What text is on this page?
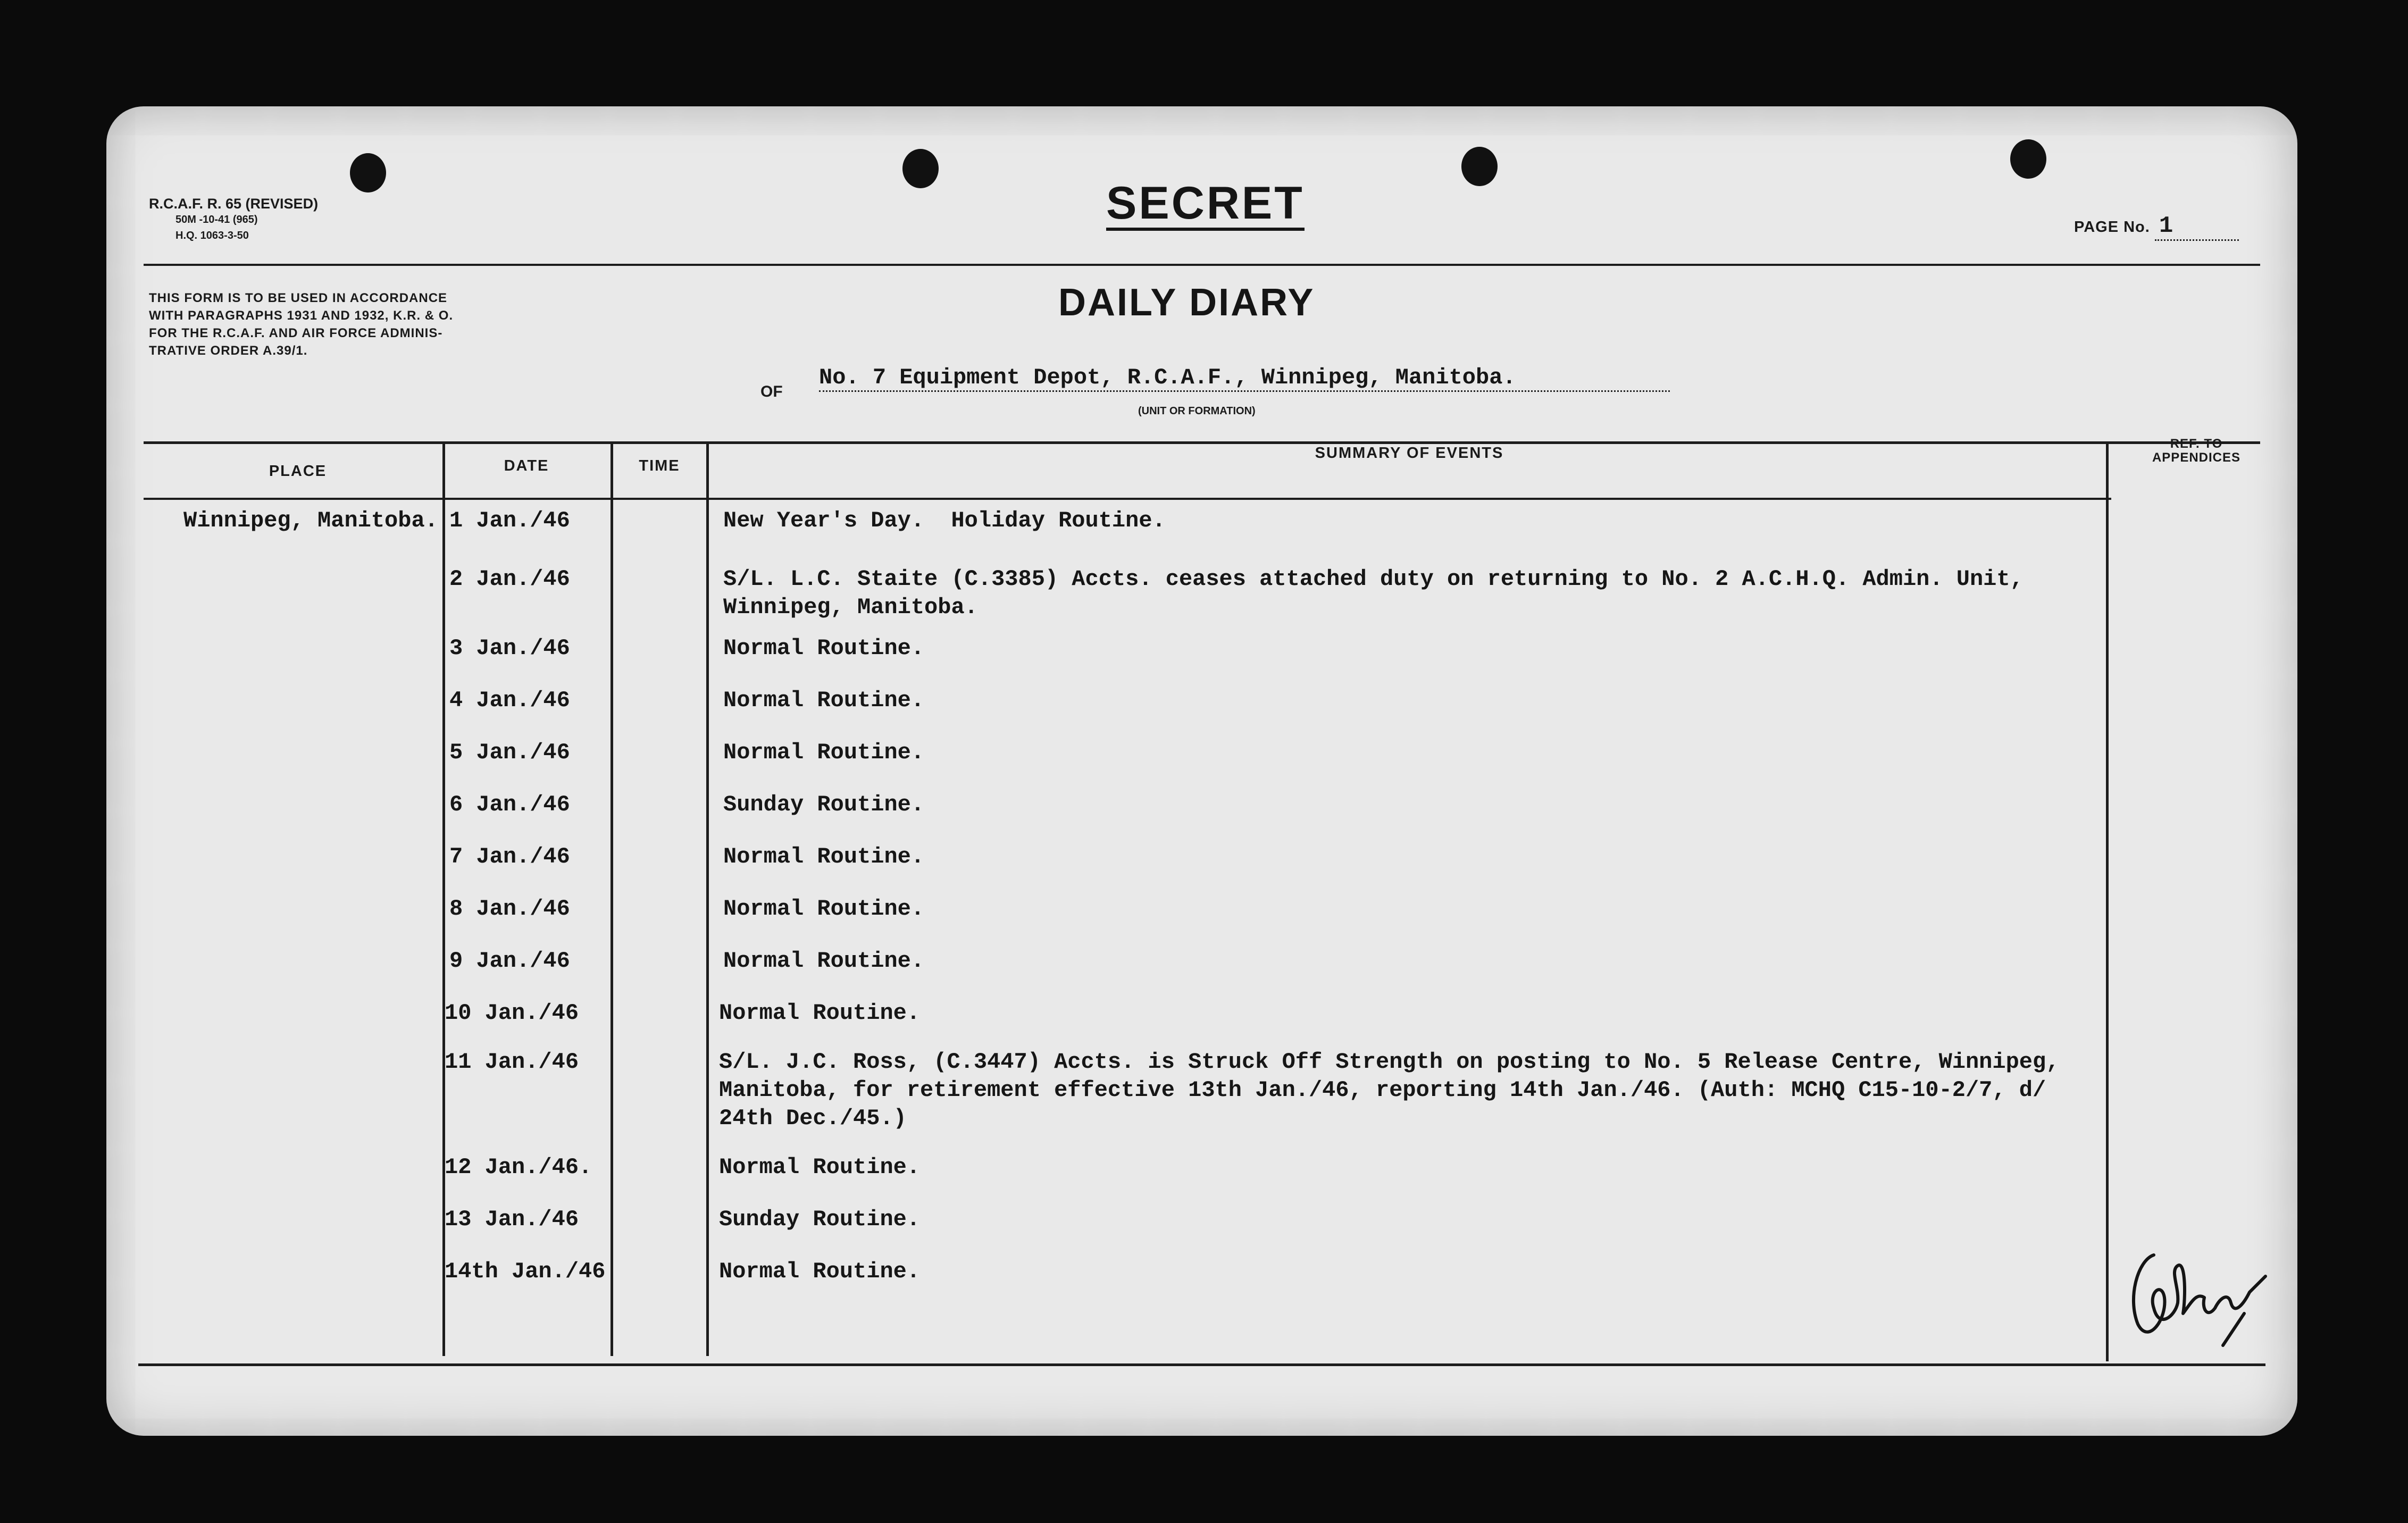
R.C.A.F. R. 65 (REVISED)
50M -10-41 (965)
H.Q. 1063-3-50
SECRET	PAGE No. 1
THIS FORM IS TO BE USED IN ACCORDANCE
WITH PARAGRAPHS 1931 AND 1932, K.R. & O.
FOR THE R.C.A.F. AND AIR FORCE ADMINIS-
TRATIVE ORDER A.39/1.
DAILY DIARY
OF
No. 7 Equipment Depot, R.C.A.F., Winnipeg, Manitoba.
(UNIT OR FORMATION)
PLACE	DATE	TIME
SUMMARY OF EVENTS
REF. TO
APPENDICES
Winnipeg, Manitoba. 1 Jan./46	New Year's Day.  Holiday Routine.
2 Jan./46	S/L. L.C. Staite (C.3385) Accts. ceases attached duty on returning to No. 2 A.C.H.Q. Admin. Unit,
Winnipeg, Manitoba.
3 Jan./46	Normal Routine.
4 Jan./46	Normal Routine.
5 Jan./46	Normal Routine.
6 Jan./46	Sunday Routine.
7 Jan./46	Normal Routine.
8 Jan./46	Normal Routine.
9 Jan./46	Normal Routine.
10 Jan./46	Normal Routine.
11 Jan./46	S/L. J.C. Ross, (C.3447) Accts. is Struck Off Strength on posting to No. 5 Release Centre, Winnipeg,
Manitoba, for retirement effective 13th Jan./46, reporting 14th Jan./46. (Auth: MCHQ C15-10-2/7, d/
24th Dec./45.)
12 Jan./46.	Normal Routine.
13 Jan./46	Sunday Routine.
14th Jan./46	Normal Routine.
